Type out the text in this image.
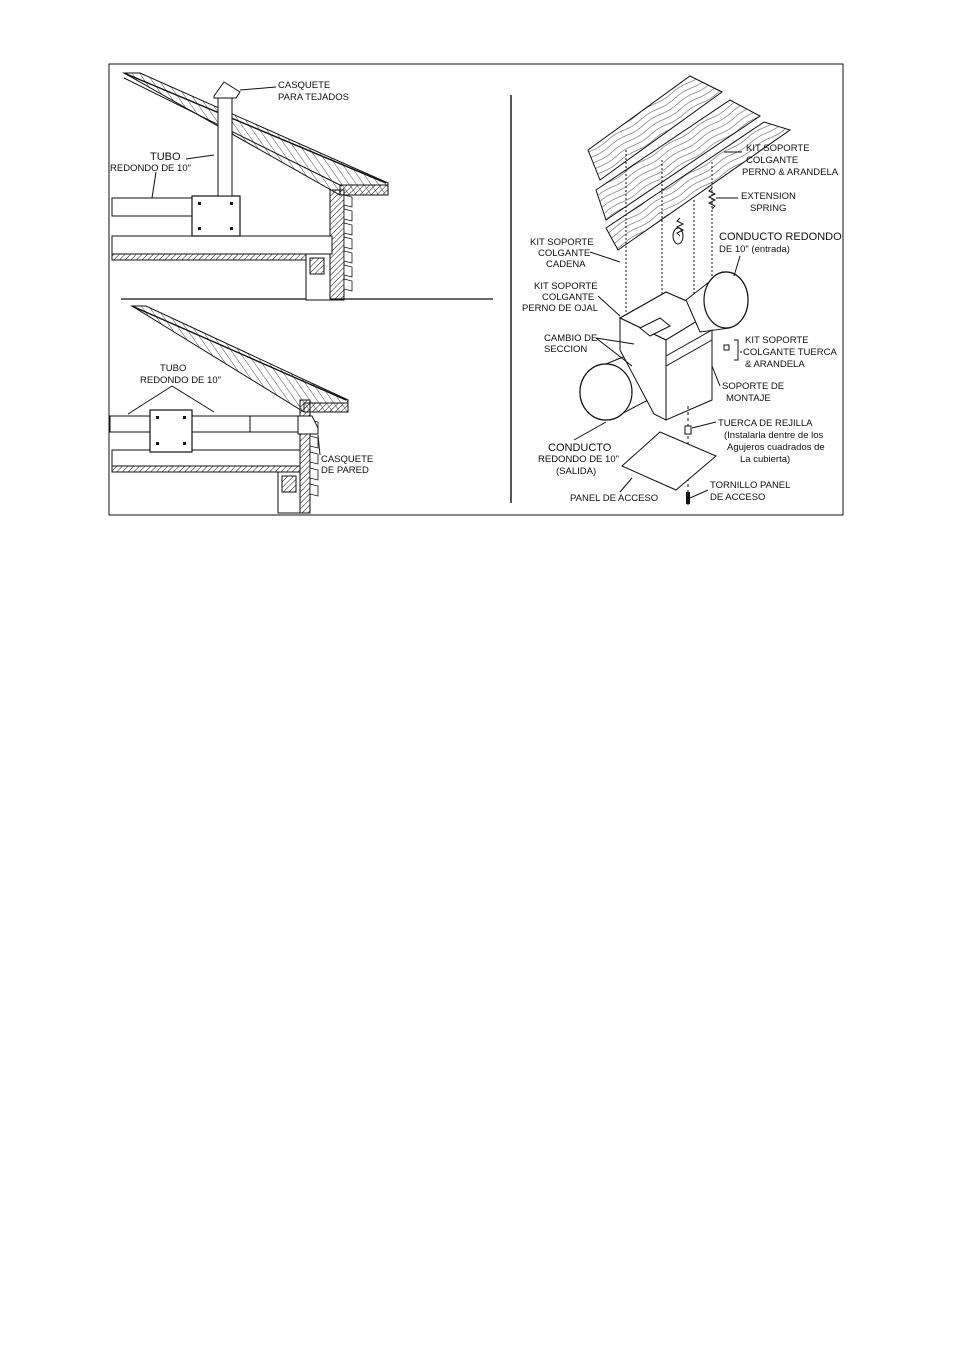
CASQUETE
PARA TEJADOS
TUBO
REDONDO DE 10"
TUBO
REDONDO DE 10"
CASQUETE
DE PARED
KIT SOPORTE
COLGANTE
PERNO & ARANDELA
EXTENSION
SPRING
CONDUCTO REDONDO
DE 10" (entrada)
KIT SOPORTE
COLGANTE
CADENA
KIT SOPORTE
COLGANTE
PERNO DE OJAL
CAMBIO DE
SECCION
KIT SOPORTE
COLGANTE TUERCA
& ARANDELA
SOPORTE DE
MONTAJE
TUERCA DE REJILLA
(Instalarla dentre de los
Agujeros cuadrados de
La cubierta)
CONDUCTO
REDONDO DE 10"
(SALIDA)
TORNILLO PANEL
DE ACCESO
PANEL DE ACCESO
